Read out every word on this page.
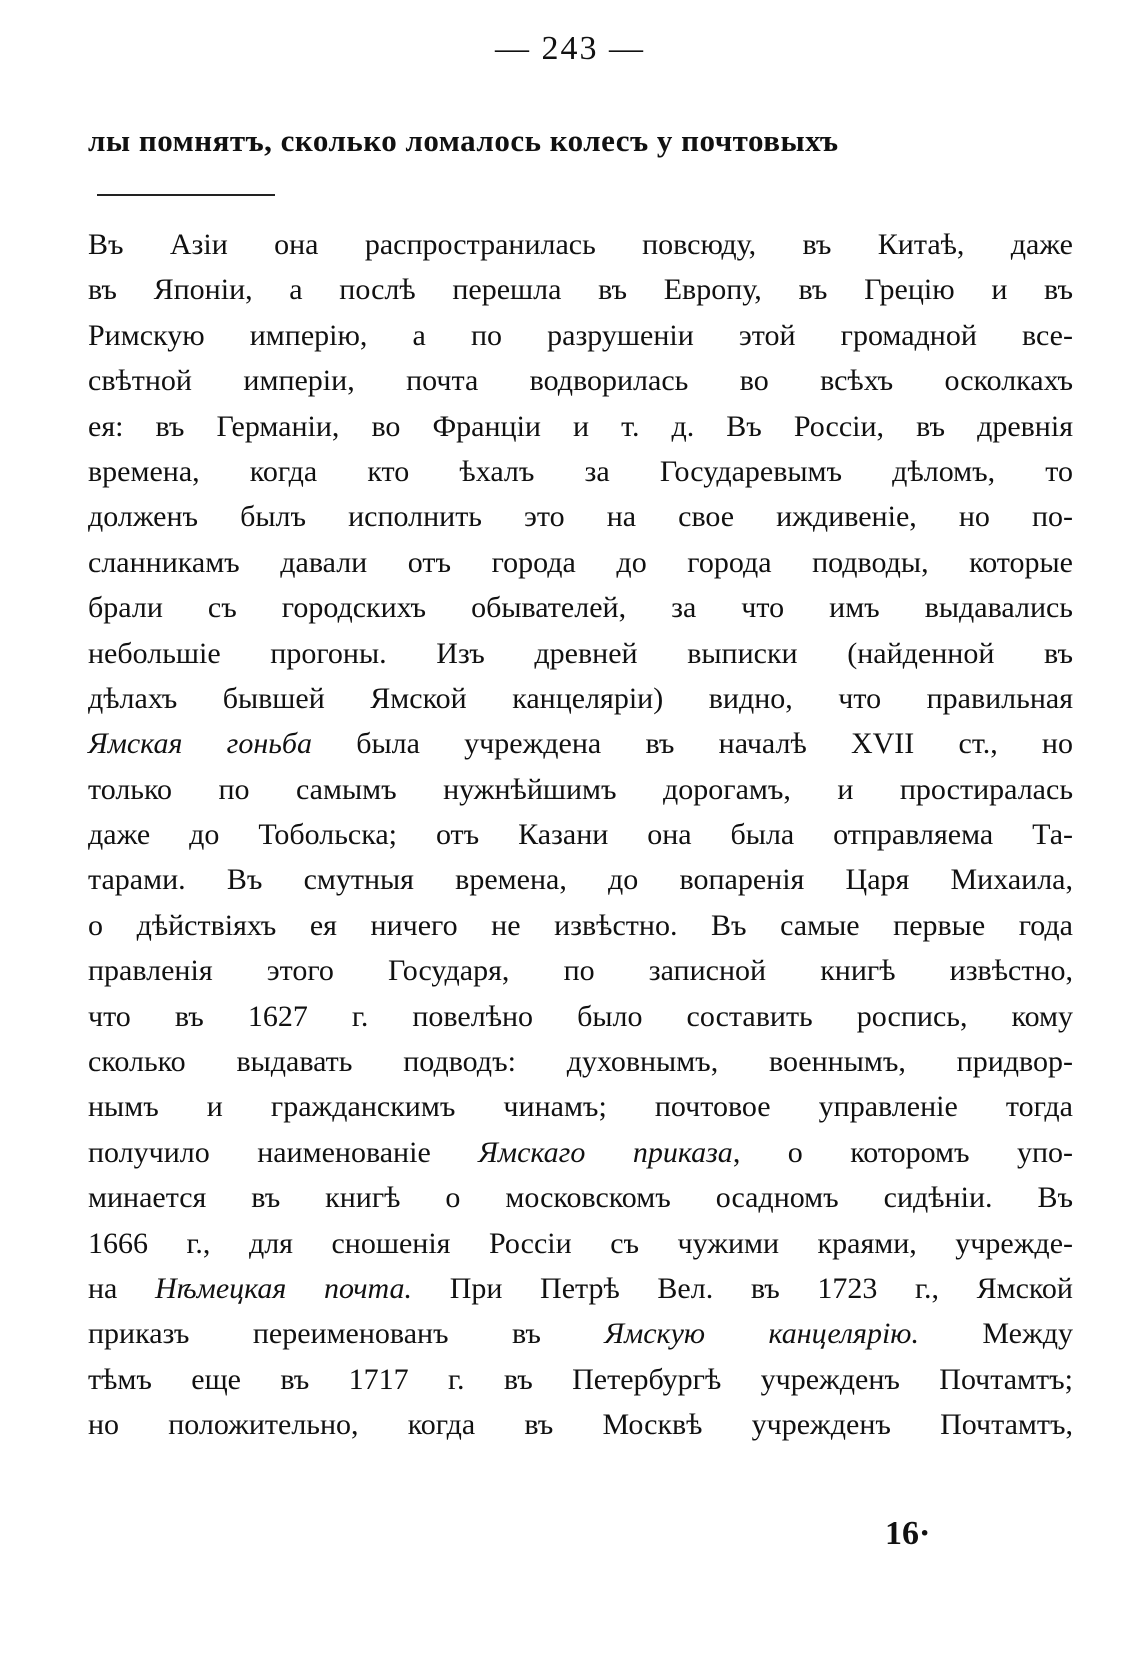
— 243 —
лы помнятъ, сколько ломалось колесъ у почтовыхъ
Въ Азіи она распространилась повсюду, въ Китаѣ, даже
въ Японіи, а послѣ перешла въ Европу, въ Грецію и въ
Римскую имперію, а по разрушеніи этой громадной все-
свѣтной имперіи, почта водворилась во всѣхъ осколкахъ
ея: въ Германіи, во Франціи и т. д. Въ Россіи, въ древнія
времена, когда кто ѣхалъ за Государевымъ дѣломъ, то
долженъ былъ исполнить это на свое иждивеніе, но по-
сланникамъ давали отъ города до города подводы, которые
брали съ городскихъ обывателей, за что имъ выдавались
небольшіе прогоны. Изъ древней выписки (найденной въ
дѣлахъ бывшей Ямской канцеляріи) видно, что правильная
Ямская гоньба была учреждена въ началѣ XVII ст., но
только по самымъ нужнѣйшимъ дорогамъ, и простиралась
даже до Тобольска; отъ Казани она была отправляема Та-
тарами. Въ смутныя времена, до вопаренія Царя Михаила,
о дѣйствіяхъ ея ничего не извѣстно. Въ самые первые года
правленія этого Государя, по записной книгѣ извѣстно,
что въ 1627 г. повелѣно было составить роспись, кому
сколько выдавать подводъ: духовнымъ, военнымъ, придвор-
нымъ и гражданскимъ чинамъ; почтовое управленіе тогда
получило наименованіе Ямскаго приказа, о которомъ упо-
минается въ книгѣ о московскомъ осадномъ сидѣніи. Въ
1666 г., для сношенія Россіи съ чужими краями, учрежде-
на Нѣмецкая почта. При Петрѣ Вел. въ 1723 г., Ямской
приказъ переименованъ въ Ямскую канцелярію. Между
тѣмъ еще въ 1717 г. въ Петербургѣ учрежденъ Почтамтъ;
но положительно, когда въ Москвѣ учрежденъ Почтамтъ,
16·
